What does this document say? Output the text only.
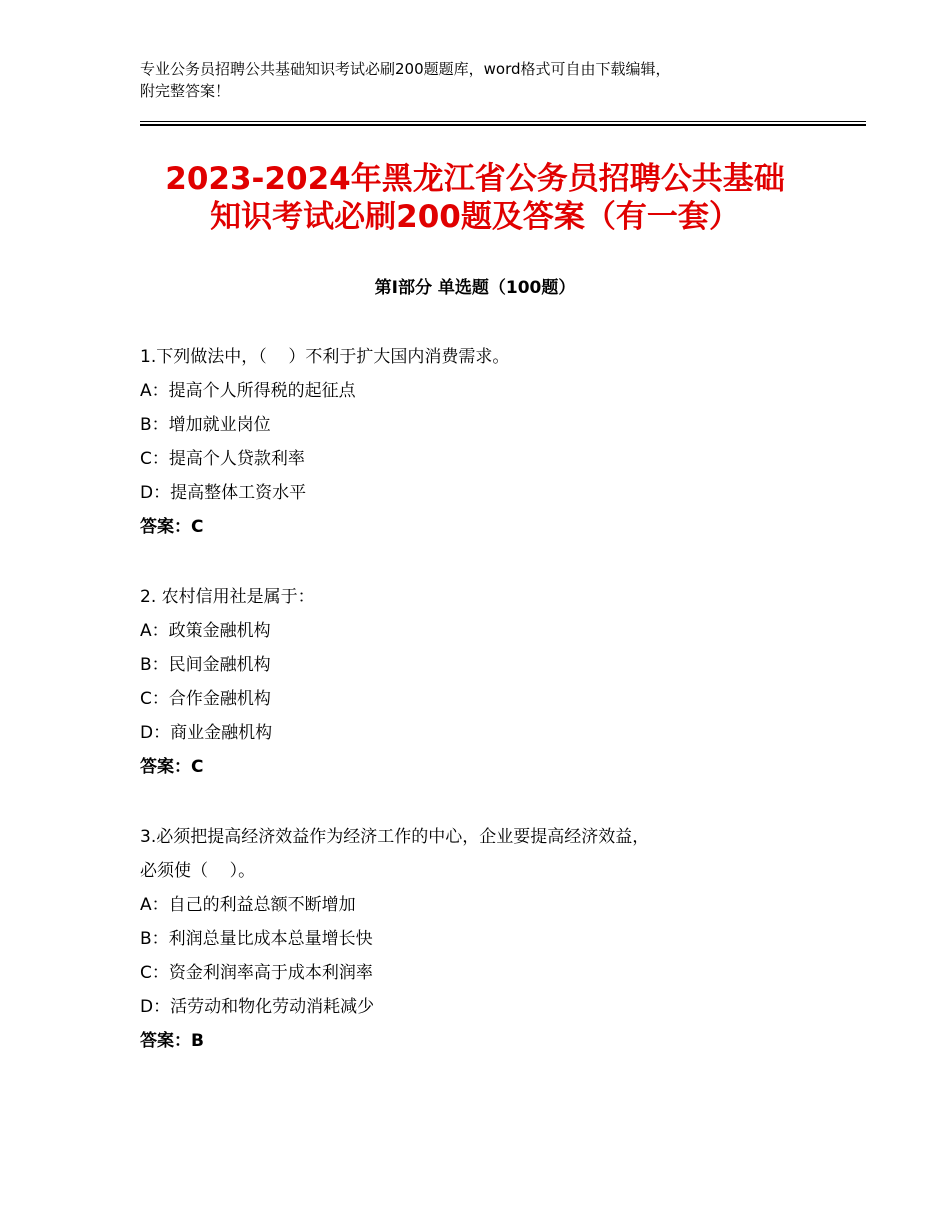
专业公务员招聘公共基础知识考试必刷200题题库，word格式可自由下载编辑，
附完整答案！
2023-2024年黑龙江省公务员招聘公共基础
知识考试必刷200题及答案（有一套）
第Ⅰ部分 单选题（100题）
1.下列做法中，（    ）不利于扩大国内消费需求。
A：提高个人所得税的起征点
B：增加就业岗位
C：提高个人贷款利率
D：提高整体工资水平
答案：C
2. 农村信用社是属于：
A：政策金融机构
B：民间金融机构
C：合作金融机构
D：商业金融机构
答案：C
3.必须把提高经济效益作为经济工作的中心，企业要提高经济效益，
必须使（    ）。
A：自己的利益总额不断增加
B：利润总量比成本总量增长快
C：资金利润率高于成本利润率
D：活劳动和物化劳动消耗减少
答案：B
